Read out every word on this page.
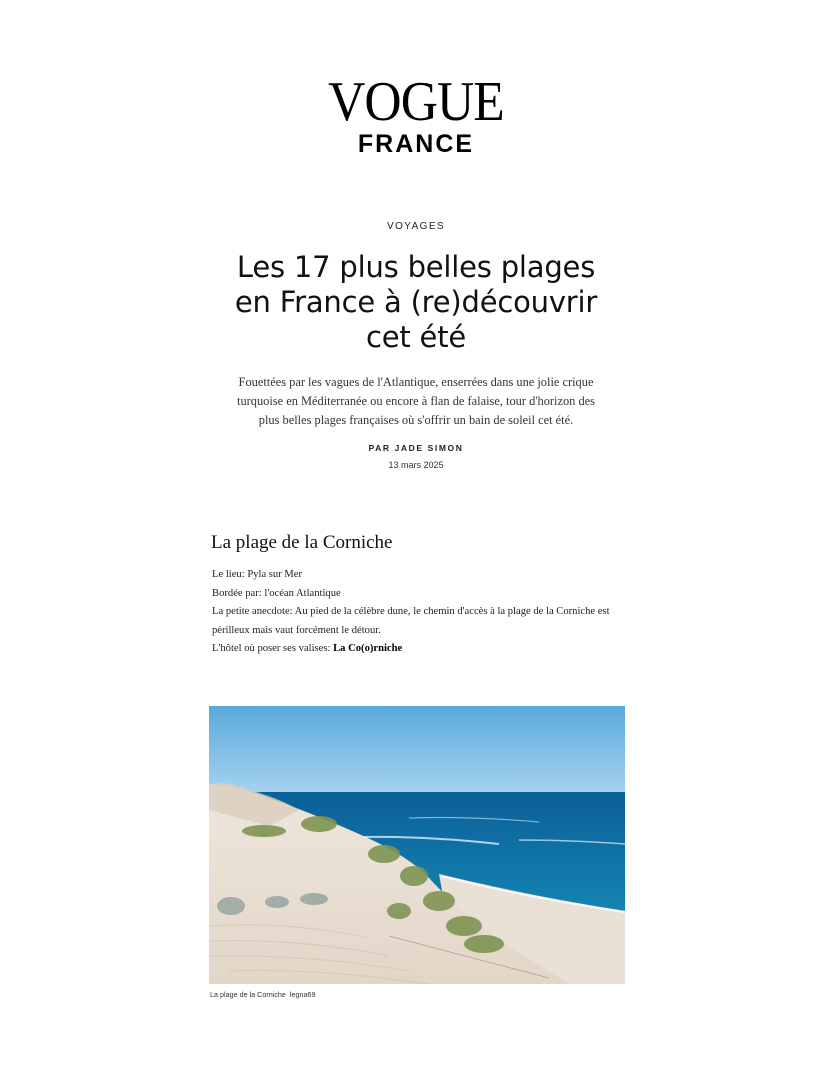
VOGUE
FRANCE
VOYAGES
Les 17 plus belles plages en France à (re)découvrir cet été

Fouettées par les vagues de l'Atlantique, enserrées dans une jolie crique turquoise en Méditerranée ou encore à flan de falaise, tour d'horizon des plus belles plages françaises où s'offrir un bain de soleil cet été.

PAR JADE SIMON
13 mars 2025
La plage de la Corniche
Le lieu: Pyla sur Mer
Bordée par: l'océan Atlantique
La petite anecdote: Au pied de la célèbre dune, le chemin d'accès à la plage de la Corniche est périlleux mais vaut forcément le détour.
L'hôtel où poser ses valises: La Co(o)rniche
La plage de la Corniche legna69
